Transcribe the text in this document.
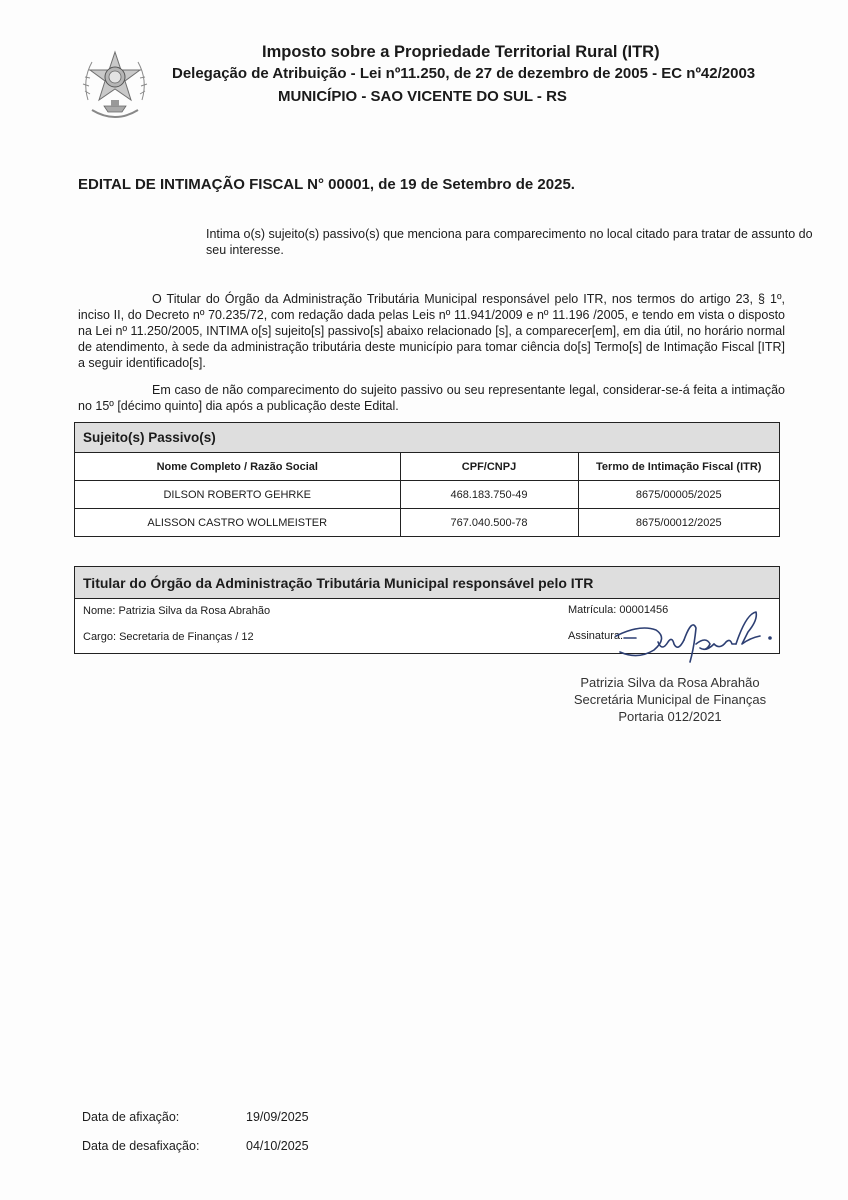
Imposto sobre a Propriedade Territorial Rural (ITR)
Delegação de Atribuição - Lei nº11.250, de 27 de dezembro de 2005 - EC nº42/2003
MUNICÍPIO - SAO VICENTE DO SUL - RS
EDITAL DE INTIMAÇÃO FISCAL N° 00001, de 19 de Setembro de 2025.
Intima o(s) sujeito(s) passivo(s) que menciona para comparecimento no local citado para tratar de assunto do seu interesse.

O Titular do Órgão da Administração Tributária Municipal responsável pelo ITR, nos termos do artigo 23, § 1º, inciso II, do Decreto nº 70.235/72, com redação dada pelas Leis nº 11.941/2009 e nº 11.196 /2005, e tendo em vista o disposto na Lei nº 11.250/2005, INTIMA o[s] sujeito[s] passivo[s] abaixo relacionado [s], a comparecer[em], em dia útil, no horário normal de atendimento, à sede da administração tributária deste município para tomar ciência do[s] Termo[s] de Intimação Fiscal [ITR] a seguir identificado[s].

Em caso de não comparecimento do sujeito passivo ou seu representante legal, considerar-se-á feita a intimação no 15º [décimo quinto] dia após a publicação deste Edital.

Sujeito(s) Passivo(s)
Nome Completo / Razão Social	CPF/CNPJ	Termo de Intimação Fiscal (ITR)
DILSON ROBERTO GEHRKE	468.183.750-49	8675/00005/2025
ALISSON CASTRO WOLLMEISTER	767.040.500-78	8675/00012/2025
Titular do Órgão da Administração Tributária Municipal responsável pelo ITR
Nome: Patrizia Silva da Rosa Abrahão
Cargo: Secretaria de Finanças / 12
Matrícula: 00001456
Assinatura:
Patrizia Silva da Rosa Abrahão
Secretária Municipal de Finanças
Portaria 012/2021
Data de afixação:	19/09/2025
Data de desafixação:	04/10/2025
